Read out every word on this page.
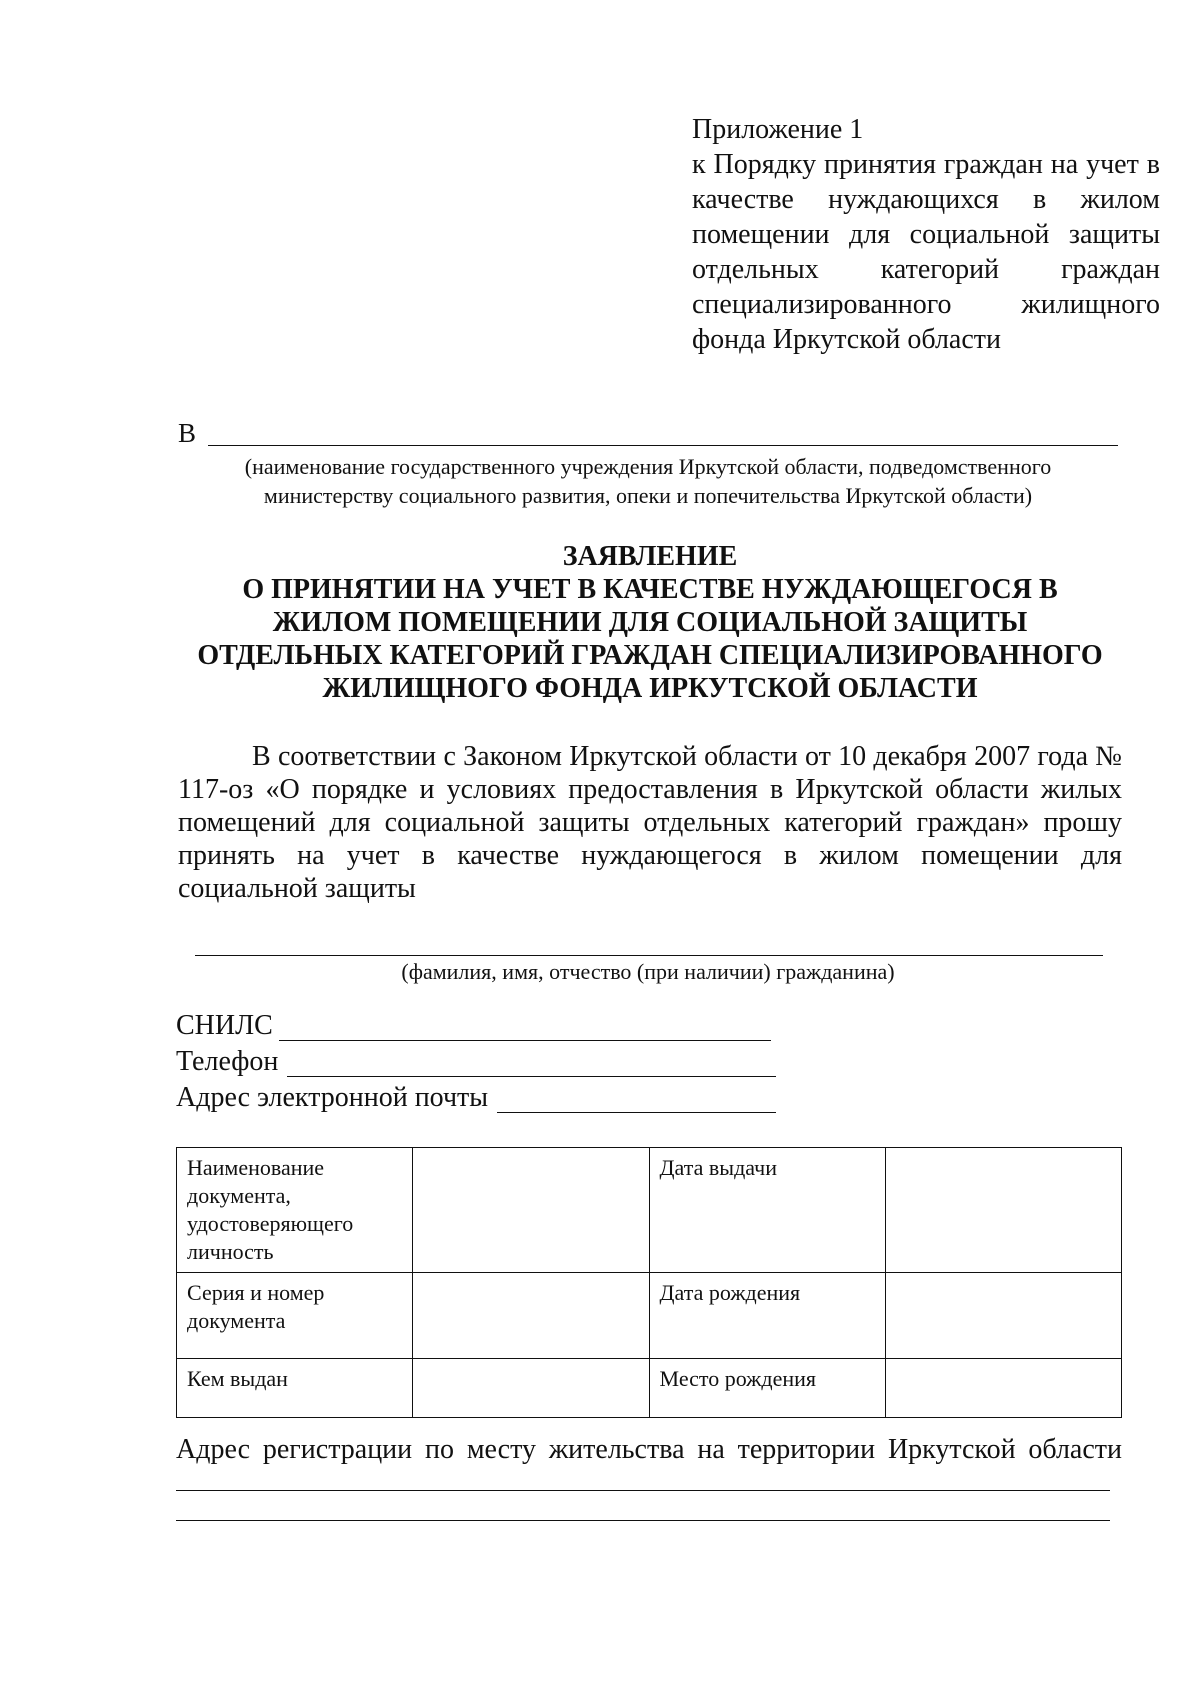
Приложение 1
к Порядку принятия граждан на учет в
качестве нуждающихся в жилом
помещении для социальной защиты
отдельных категорий граждан
специализированного жилищного
фонда Иркутской области
В
(наименование государственного учреждения Иркутской области, подведомственного
министерству социального развития, опеки и попечительства Иркутской области)
ЗАЯВЛЕНИЕ
О ПРИНЯТИИ НА УЧЕТ В КАЧЕСТВЕ НУЖДАЮЩЕГОСЯ В
ЖИЛОМ ПОМЕЩЕНИИ ДЛЯ СОЦИАЛЬНОЙ ЗАЩИТЫ
ОТДЕЛЬНЫХ КАТЕГОРИЙ ГРАЖДАН СПЕЦИАЛИЗИРОВАННОГО
ЖИЛИЩНОГО ФОНДА ИРКУТСКОЙ ОБЛАСТИ
В соответствии с Законом Иркутской области от 10 декабря 2007 года № 117-оз «О порядке и условиях предоставления в Иркутской области жилых помещений для социальной защиты отдельных категорий граждан» прошу принять на учет в качестве нуждающегося в жилом помещении для социальной защиты
(фамилия, имя, отчество (при наличии) гражданина)
СНИЛС
Телефон
Адрес электронной почты
Наименование документа, удостоверяющего личность		Дата выдачи	
Серия и номер документа		Дата рождения	
Кем выдан		Место рождения	
Адрес регистрации по месту жительства на территории Иркутской области
